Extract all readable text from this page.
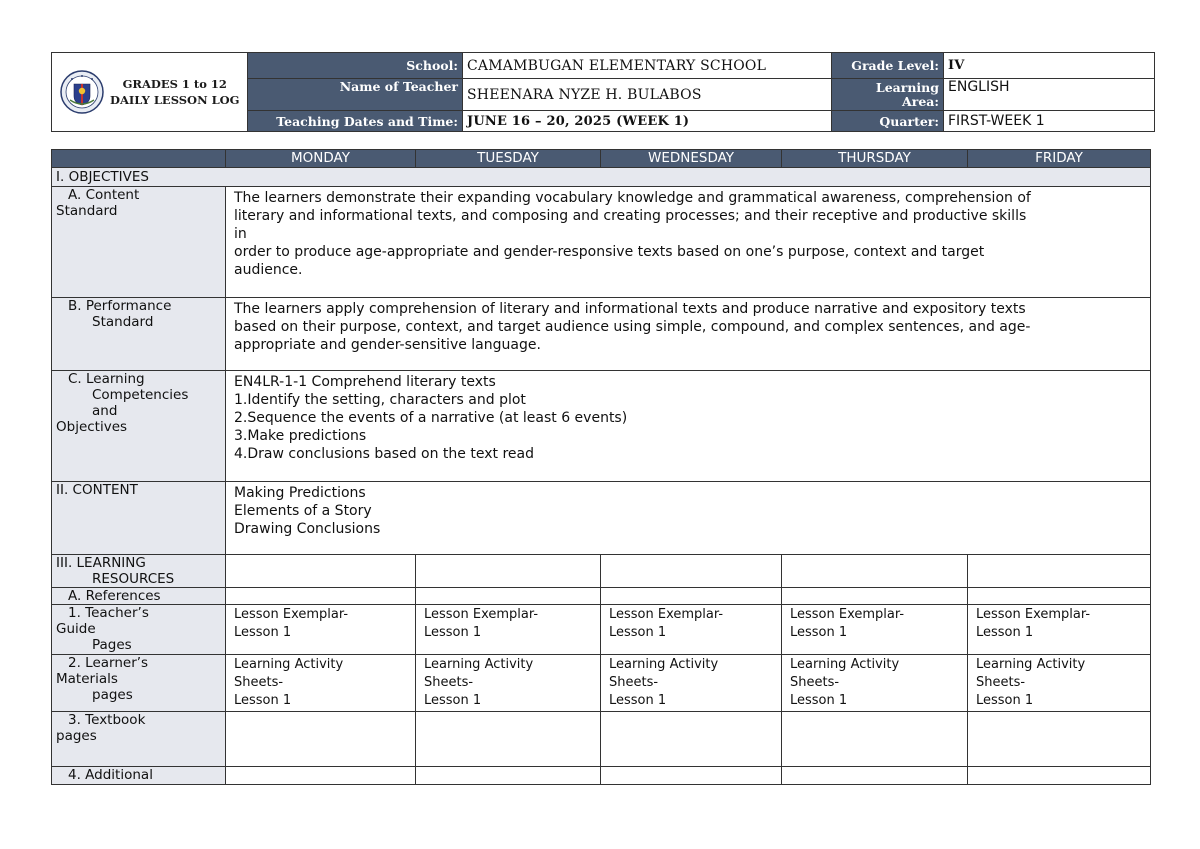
GRADES 1 to 12
DAILY LESSON LOG	School:	CAMAMBUGAN ELEMENTARY SCHOOL	Grade Level:	IV
	Name of Teacher	SHEENARA NYZE H. BULABOS	Learning
Area:	ENGLISH
	Teaching Dates and Time:	JUNE 16 – 20, 2025 (WEEK 1)	Quarter:	FIRST-WEEK 1
	MONDAY	TUESDAY	WEDNESDAY	THURSDAY	FRIDAY
I. OBJECTIVES					

A. Content
Standard	The learners demonstrate their expanding vocabulary knowledge and grammatical awareness, comprehension of
literary and informational texts, and composing and creating processes; and their receptive and productive skills
in
order to produce age-appropriate and gender-responsive texts based on one’s purpose, context and target
audience.				

B. Performance
Standard	The learners apply comprehension of literary and informational texts and produce narrative and expository texts
based on their purpose, context, and target audience using simple, compound, and complex sentences, and age-
appropriate and gender-sensitive language.				

C. Learning
Competencies
and
Objectives	EN4LR-1-1 Comprehend literary texts
1.Identify the setting, characters and plot
2.Sequence the events of a narrative (at least 6 events)
3.Make predictions
4.Draw conclusions based on the text read				

II. CONTENT	Making Predictions
Elements of a Story
Drawing Conclusions				

III. LEARNING
RESOURCES					

A. References					

1. Teacher’s
Guide
Pages	Lesson Exemplar-
Lesson 1	Lesson Exemplar-
Lesson 1	Lesson Exemplar-
Lesson 1	Lesson Exemplar-
Lesson 1	Lesson Exemplar-
Lesson 1

2. Learner’s
Materials
pages	Learning Activity
Sheets-
Lesson 1	Learning Activity
Sheets-
Lesson 1	Learning Activity
Sheets-
Lesson 1	Learning Activity
Sheets-
Lesson 1	Learning Activity
Sheets-
Lesson 1

3. Textbook
pages					

4. Additional					
